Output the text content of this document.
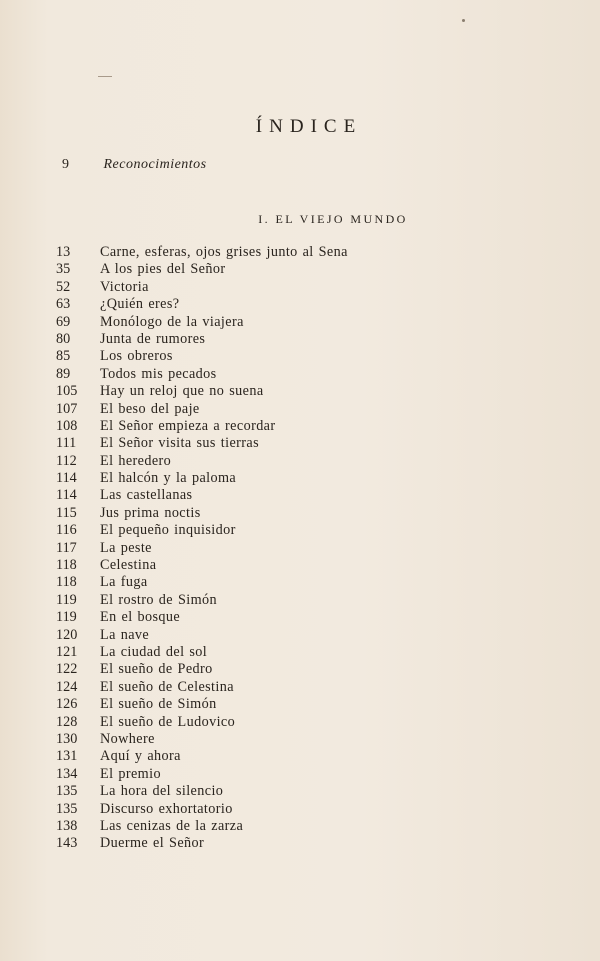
ÍNDICE
9 Reconocimientos
I. EL VIEJO MUNDO
13 Carne, esferas, ojos grises junto al Sena
35 A los pies del Señor
52 Victoria
63 ¿Quién eres?
69 Monólogo de la viajera
80 Junta de rumores
85 Los obreros
89 Todos mis pecados
105 Hay un reloj que no suena
107 El beso del paje
108 El Señor empieza a recordar
111 El Señor visita sus tierras
112 El heredero
114 El halcón y la paloma
114 Las castellanas
115 Jus prima noctis
116 El pequeño inquisidor
117 La peste
118 Celestina
118 La fuga
119 El rostro de Simón
119 En el bosque
120 La nave
121 La ciudad del sol
122 El sueño de Pedro
124 El sueño de Celestina
126 El sueño de Simón
128 El sueño de Ludovico
130 Nowhere
131 Aquí y ahora
134 El premio
135 La hora del silencio
135 Discurso exhortatorio
138 Las cenizas de la zarza
143 Duerme el Señor
